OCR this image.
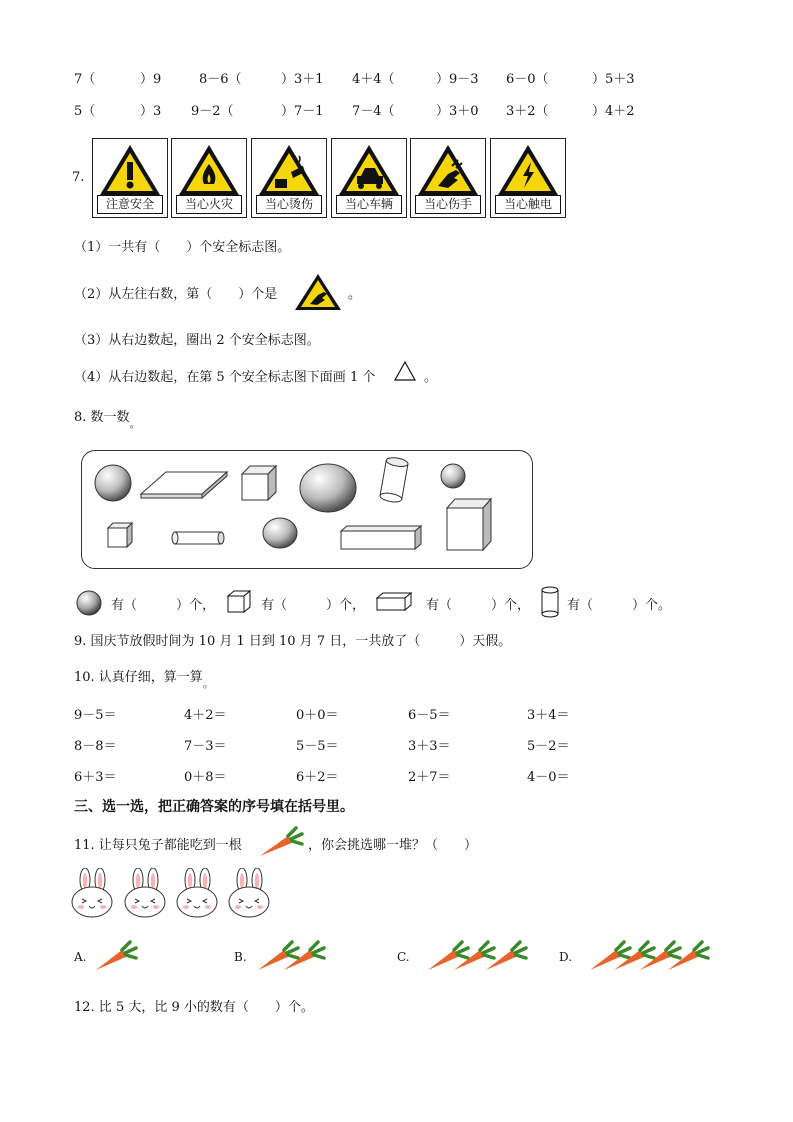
7（	）9	8－6（	）3＋1 4＋4（	）9－3 6－0（	）5＋3
5（	）3 9－2（	）7－1 7－4（	）3＋0 3＋2（	）4＋2
7.
注意安全	当心火灾	当心烫伤	当心车辆	当心伤手	当心触电
（1）一共有（　　）个安全标志图。
（2）从左往右数，第（　　）个是	。
（3）从右边数起，圈出 2 个安全标志图。
（4）从右边数起，在第 5 个安全标志图下面画 1 个	。
8. 数一数$_。$
有（　　　）个，	有（　　　）个，	有（　　　）个，	有（　　　）个。
9. 国庆节放假时间为 10 月 1 日到 10 月 7 日，一共放了（　　　）天假。
10. 认真仔细，算一算$_。$
9－5＝	4＋2＝	0＋0＝	6－5＝	3＋4＝
8－8＝	7－3＝	5－5＝	3＋3＝	5－2＝
6＋3＝	0＋8＝	6＋2＝	2＋7＝	4－0＝
三、选一选，把正确答案的序号填在括号里。
11. 让每只兔子都能吃到一根	，你会挑选哪一堆？（　　）
A.	B.	C.	D.
12. 比 5 大，比 9 小的数有（　　）个。
